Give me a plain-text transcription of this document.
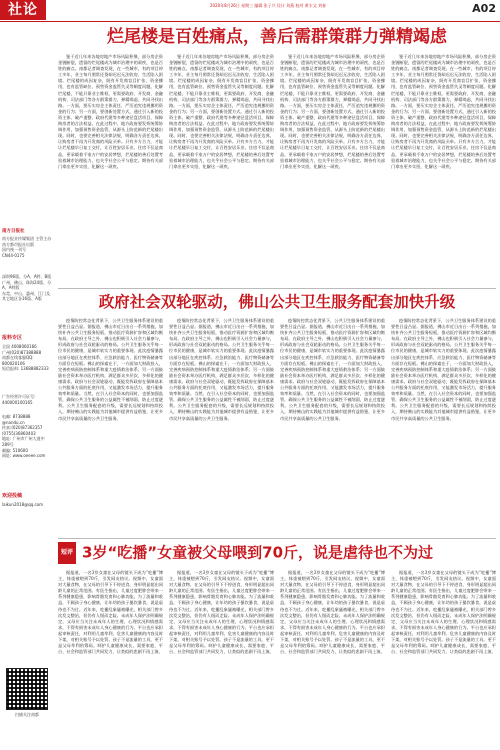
社论	2020年8月26日 星期三 编辑 张子兴 设计 刘燕 校对 黄丰文 刘春	A02
南方日报社
南方报业传媒集团 主管主办
南方都市报社出版
国内统一刊号
CN44-0175
深圳96版、分A、A特、B版
广州、佛山、珠海24版、分A、A特版
东莞、中山、惠州、江门及其它地区各16版、A版
报料专区
全国 4008060166
广州(020)87388888
南都在线客服QQ: 800020106
短信报料: 13688882333
广告经营许可证号:
440000100165
电邮: 8738888
@nandu.cn
传真:(020)87362357
(0755)36860403
地址: 广州市广州大道中289号
邮编: 510600
网址: www.oeeee.com
欢迎投稿
laikun2018@qq.com
扫描关注南都
烂尾楼是百姓痛点，善后需群策群力弹精竭虑

鉴于近几年来各地房地产市场风险积聚，部分房企资金链断裂，遗留的烂尾楼成为城市治理中的顽疾，也是百姓的痛点。南都记者调查发现，在一些城市，有的项目停工多年，业主每月照常还贷却迟迟无法收房，生活陷入困境。烂尾楼的成因复杂，既有开发商盲目扩张、资金挪用，也有监管缺位、预售资金监管失灵等制度问题。化解烂尾楼，不能只靠业主维权，更需要政府、开发商、金融机构、司法部门等各方群策群力，弹精竭虑，共同寻找出路。一方面，要压实房企主体责任，严厉追究违规挪用资金的行为；另一方面，要创新处置方式，通过引入新的投资主体、破产重整、政府代建等多种途径盘活项目，保障购房者的合法权益。在此过程中，地方政府要发挥统筹协调作用，加强预售资金监管，从源头上防范新的烂尾楼出现。同时，也要完善相关法律法规，明确各方责任边界，让购房者不再为开发商的风险买单。只有多方合力，才能让烂尾楼早日复工交付，让百姓安居乐业。住房不仅是商品，更承载着千家万户的安居梦想，烂尾楼的善后处置考验着城市治理能力，也关乎社会公平与稳定。期待有关部门拿出更多实招，化解这一顽疾。

鉴于近几年来各地房地产市场风险积聚，部分房企资金链断裂，遗留的烂尾楼成为城市治理中的顽疾，也是百姓的痛点。南都记者调查发现，在一些城市，有的项目停工多年，业主每月照常还贷却迟迟无法收房，生活陷入困境。烂尾楼的成因复杂，既有开发商盲目扩张、资金挪用，也有监管缺位、预售资金监管失灵等制度问题。化解烂尾楼，不能只靠业主维权，更需要政府、开发商、金融机构、司法部门等各方群策群力，弹精竭虑，共同寻找出路。一方面，要压实房企主体责任，严厉追究违规挪用资金的行为；另一方面，要创新处置方式，通过引入新的投资主体、破产重整、政府代建等多种途径盘活项目，保障购房者的合法权益。在此过程中，地方政府要发挥统筹协调作用，加强预售资金监管，从源头上防范新的烂尾楼出现。同时，也要完善相关法律法规，明确各方责任边界，让购房者不再为开发商的风险买单。只有多方合力，才能让烂尾楼早日复工交付，让百姓安居乐业。住房不仅是商品，更承载着千家万户的安居梦想，烂尾楼的善后处置考验着城市治理能力，也关乎社会公平与稳定。期待有关部门拿出更多实招，化解这一顽疾。

鉴于近几年来各地房地产市场风险积聚，部分房企资金链断裂，遗留的烂尾楼成为城市治理中的顽疾，也是百姓的痛点。南都记者调查发现，在一些城市，有的项目停工多年，业主每月照常还贷却迟迟无法收房，生活陷入困境。烂尾楼的成因复杂，既有开发商盲目扩张、资金挪用，也有监管缺位、预售资金监管失灵等制度问题。化解烂尾楼，不能只靠业主维权，更需要政府、开发商、金融机构、司法部门等各方群策群力，弹精竭虑，共同寻找出路。一方面，要压实房企主体责任，严厉追究违规挪用资金的行为；另一方面，要创新处置方式，通过引入新的投资主体、破产重整、政府代建等多种途径盘活项目，保障购房者的合法权益。在此过程中，地方政府要发挥统筹协调作用，加强预售资金监管，从源头上防范新的烂尾楼出现。同时，也要完善相关法律法规，明确各方责任边界，让购房者不再为开发商的风险买单。只有多方合力，才能让烂尾楼早日复工交付，让百姓安居乐业。住房不仅是商品，更承载着千家万户的安居梦想，烂尾楼的善后处置考验着城市治理能力，也关乎社会公平与稳定。期待有关部门拿出更多实招，化解这一顽疾。

鉴于近几年来各地房地产市场风险积聚，部分房企资金链断裂，遗留的烂尾楼成为城市治理中的顽疾，也是百姓的痛点。南都记者调查发现，在一些城市，有的项目停工多年，业主每月照常还贷却迟迟无法收房，生活陷入困境。烂尾楼的成因复杂，既有开发商盲目扩张、资金挪用，也有监管缺位、预售资金监管失灵等制度问题。化解烂尾楼，不能只靠业主维权，更需要政府、开发商、金融机构、司法部门等各方群策群力，弹精竭虑，共同寻找出路。一方面，要压实房企主体责任，严厉追究违规挪用资金的行为；另一方面，要创新处置方式，通过引入新的投资主体、破产重整、政府代建等多种途径盘活项目，保障购房者的合法权益。在此过程中，地方政府要发挥统筹协调作用，加强预售资金监管，从源头上防范新的烂尾楼出现。同时，也要完善相关法律法规，明确各方责任边界，让购房者不再为开发商的风险买单。只有多方合力，才能让烂尾楼早日复工交付，让百姓安居乐业。住房不仅是商品，更承载着千家万户的安居梦想，烂尾楼的善后处置考验着城市治理能力，也关乎社会公平与稳定。期待有关部门拿出更多实招，化解这一顽疾。

政府社会双轮驱动，佛山公共卫生服务配套加快升级

疫情防控常态化背景下，公共卫生服务体系建设的重要性日益凸显。据报道，佛山市近日出台一系列措施，加快补齐公共卫生服务短板，推动医疗资源扩容和区域均衡布局。在政府主导之外，佛山也积极引入社会力量参与，形成政府与社会双轮驱动的格局。公共卫生服务关乎每一位市民的健康，是城市软实力的重要体现。此次疫情暴露出部分地区在疾控体系、应急救治能力、医疗物资储备等方面存在短板。佛山的探索在于，一方面加大财政投入，完善疾病预防控制体系和重大疫情救治体系；另一方面鼓励社会资本举办医疗机构，满足群众多层次、多样化的健康需求。政府与社会双轮驱动，既能发挥政府在保障基本公共服务方面的托底作用，又能激发市场活力，提升服务效率和质量。当然，在引入社会资本的同时，也要加强监管，确保公共卫生服务的公益属性不被削弱，防止过度逐利。公共卫生服务配套的升级，需要长远规划和持续投入，期待佛山的实践能为其他城市提供有益借鉴，让更多市民共享高质量的公共卫生服务。

疫情防控常态化背景下，公共卫生服务体系建设的重要性日益凸显。据报道，佛山市近日出台一系列措施，加快补齐公共卫生服务短板，推动医疗资源扩容和区域均衡布局。在政府主导之外，佛山也积极引入社会力量参与，形成政府与社会双轮驱动的格局。公共卫生服务关乎每一位市民的健康，是城市软实力的重要体现。此次疫情暴露出部分地区在疾控体系、应急救治能力、医疗物资储备等方面存在短板。佛山的探索在于，一方面加大财政投入，完善疾病预防控制体系和重大疫情救治体系；另一方面鼓励社会资本举办医疗机构，满足群众多层次、多样化的健康需求。政府与社会双轮驱动，既能发挥政府在保障基本公共服务方面的托底作用，又能激发市场活力，提升服务效率和质量。当然，在引入社会资本的同时，也要加强监管，确保公共卫生服务的公益属性不被削弱，防止过度逐利。公共卫生服务配套的升级，需要长远规划和持续投入，期待佛山的实践能为其他城市提供有益借鉴，让更多市民共享高质量的公共卫生服务。

疫情防控常态化背景下，公共卫生服务体系建设的重要性日益凸显。据报道，佛山市近日出台一系列措施，加快补齐公共卫生服务短板，推动医疗资源扩容和区域均衡布局。在政府主导之外，佛山也积极引入社会力量参与，形成政府与社会双轮驱动的格局。公共卫生服务关乎每一位市民的健康，是城市软实力的重要体现。此次疫情暴露出部分地区在疾控体系、应急救治能力、医疗物资储备等方面存在短板。佛山的探索在于，一方面加大财政投入，完善疾病预防控制体系和重大疫情救治体系；另一方面鼓励社会资本举办医疗机构，满足群众多层次、多样化的健康需求。政府与社会双轮驱动，既能发挥政府在保障基本公共服务方面的托底作用，又能激发市场活力，提升服务效率和质量。当然，在引入社会资本的同时，也要加强监管，确保公共卫生服务的公益属性不被削弱，防止过度逐利。公共卫生服务配套的升级，需要长远规划和持续投入，期待佛山的实践能为其他城市提供有益借鉴，让更多市民共享高质量的公共卫生服务。

疫情防控常态化背景下，公共卫生服务体系建设的重要性日益凸显。据报道，佛山市近日出台一系列措施，加快补齐公共卫生服务短板，推动医疗资源扩容和区域均衡布局。在政府主导之外，佛山也积极引入社会力量参与，形成政府与社会双轮驱动的格局。公共卫生服务关乎每一位市民的健康，是城市软实力的重要体现。此次疫情暴露出部分地区在疾控体系、应急救治能力、医疗物资储备等方面存在短板。佛山的探索在于，一方面加大财政投入，完善疾病预防控制体系和重大疫情救治体系；另一方面鼓励社会资本举办医疗机构，满足群众多层次、多样化的健康需求。政府与社会双轮驱动，既能发挥政府在保障基本公共服务方面的托底作用，又能激发市场活力，提升服务效率和质量。当然，在引入社会资本的同时，也要加强监管，确保公共卫生服务的公益属性不被削弱，防止过度逐利。公共卫生服务配套的升级，需要长远规划和持续投入，期待佛山的实践能为其他城市提供有益借鉴，让更多市民共享高质量的公共卫生服务。

短评 3岁“吃播”女童被父母喂到70斤，说是虐待也不为过

据报道，一名3岁女童在父母的镜头下成为“吃播”博主，体重被喂到70斤，引发网友热议。视频中，女童面对大量食物，在父母的引导下不停进食，身形明显超出同龄儿童的正常范围。有医生指出，儿童过度肥胖会带来一系列健康隐患，影响骨骼发育和心肺功能。为了流量和收益，不顾孩子身心健康，让年幼的孩子暴饮暴食，说是虐待也不为过。近年来，吃播乱象屡被曝光，相关部门曾多次发文整治，但仍有人铤而走险。未成年人保护法明确规定，父母应当关注未成年人的生理、心理状况和情感需求，不得有损害未成年人身心健康的行为。平台也应承担起审核责任，对利用儿童牟利、危害儿童健康的内容及时下架，对相关账号予以处罚。孩子不是流量的工具，更不是父母牟利的筹码。呵护儿童健康成长，需要家庭、平台、社会和监管部门共同发力，让类似的悲剧不再上演。

据报道，一名3岁女童在父母的镜头下成为“吃播”博主，体重被喂到70斤，引发网友热议。视频中，女童面对大量食物，在父母的引导下不停进食，身形明显超出同龄儿童的正常范围。有医生指出，儿童过度肥胖会带来一系列健康隐患，影响骨骼发育和心肺功能。为了流量和收益，不顾孩子身心健康，让年幼的孩子暴饮暴食，说是虐待也不为过。近年来，吃播乱象屡被曝光，相关部门曾多次发文整治，但仍有人铤而走险。未成年人保护法明确规定，父母应当关注未成年人的生理、心理状况和情感需求，不得有损害未成年人身心健康的行为。平台也应承担起审核责任，对利用儿童牟利、危害儿童健康的内容及时下架，对相关账号予以处罚。孩子不是流量的工具，更不是父母牟利的筹码。呵护儿童健康成长，需要家庭、平台、社会和监管部门共同发力，让类似的悲剧不再上演。

据报道，一名3岁女童在父母的镜头下成为“吃播”博主，体重被喂到70斤，引发网友热议。视频中，女童面对大量食物，在父母的引导下不停进食，身形明显超出同龄儿童的正常范围。有医生指出，儿童过度肥胖会带来一系列健康隐患，影响骨骼发育和心肺功能。为了流量和收益，不顾孩子身心健康，让年幼的孩子暴饮暴食，说是虐待也不为过。近年来，吃播乱象屡被曝光，相关部门曾多次发文整治，但仍有人铤而走险。未成年人保护法明确规定，父母应当关注未成年人的生理、心理状况和情感需求，不得有损害未成年人身心健康的行为。平台也应承担起审核责任，对利用儿童牟利、危害儿童健康的内容及时下架，对相关账号予以处罚。孩子不是流量的工具，更不是父母牟利的筹码。呵护儿童健康成长，需要家庭、平台、社会和监管部门共同发力，让类似的悲剧不再上演。

据报道，一名3岁女童在父母的镜头下成为“吃播”博主，体重被喂到70斤，引发网友热议。视频中，女童面对大量食物，在父母的引导下不停进食，身形明显超出同龄儿童的正常范围。有医生指出，儿童过度肥胖会带来一系列健康隐患，影响骨骼发育和心肺功能。为了流量和收益，不顾孩子身心健康，让年幼的孩子暴饮暴食，说是虐待也不为过。近年来，吃播乱象屡被曝光，相关部门曾多次发文整治，但仍有人铤而走险。未成年人保护法明确规定，父母应当关注未成年人的生理、心理状况和情感需求，不得有损害未成年人身心健康的行为。平台也应承担起审核责任，对利用儿童牟利、危害儿童健康的内容及时下架，对相关账号予以处罚。孩子不是流量的工具，更不是父母牟利的筹码。呵护儿童健康成长，需要家庭、平台、社会和监管部门共同发力，让类似的悲剧不再上演。
